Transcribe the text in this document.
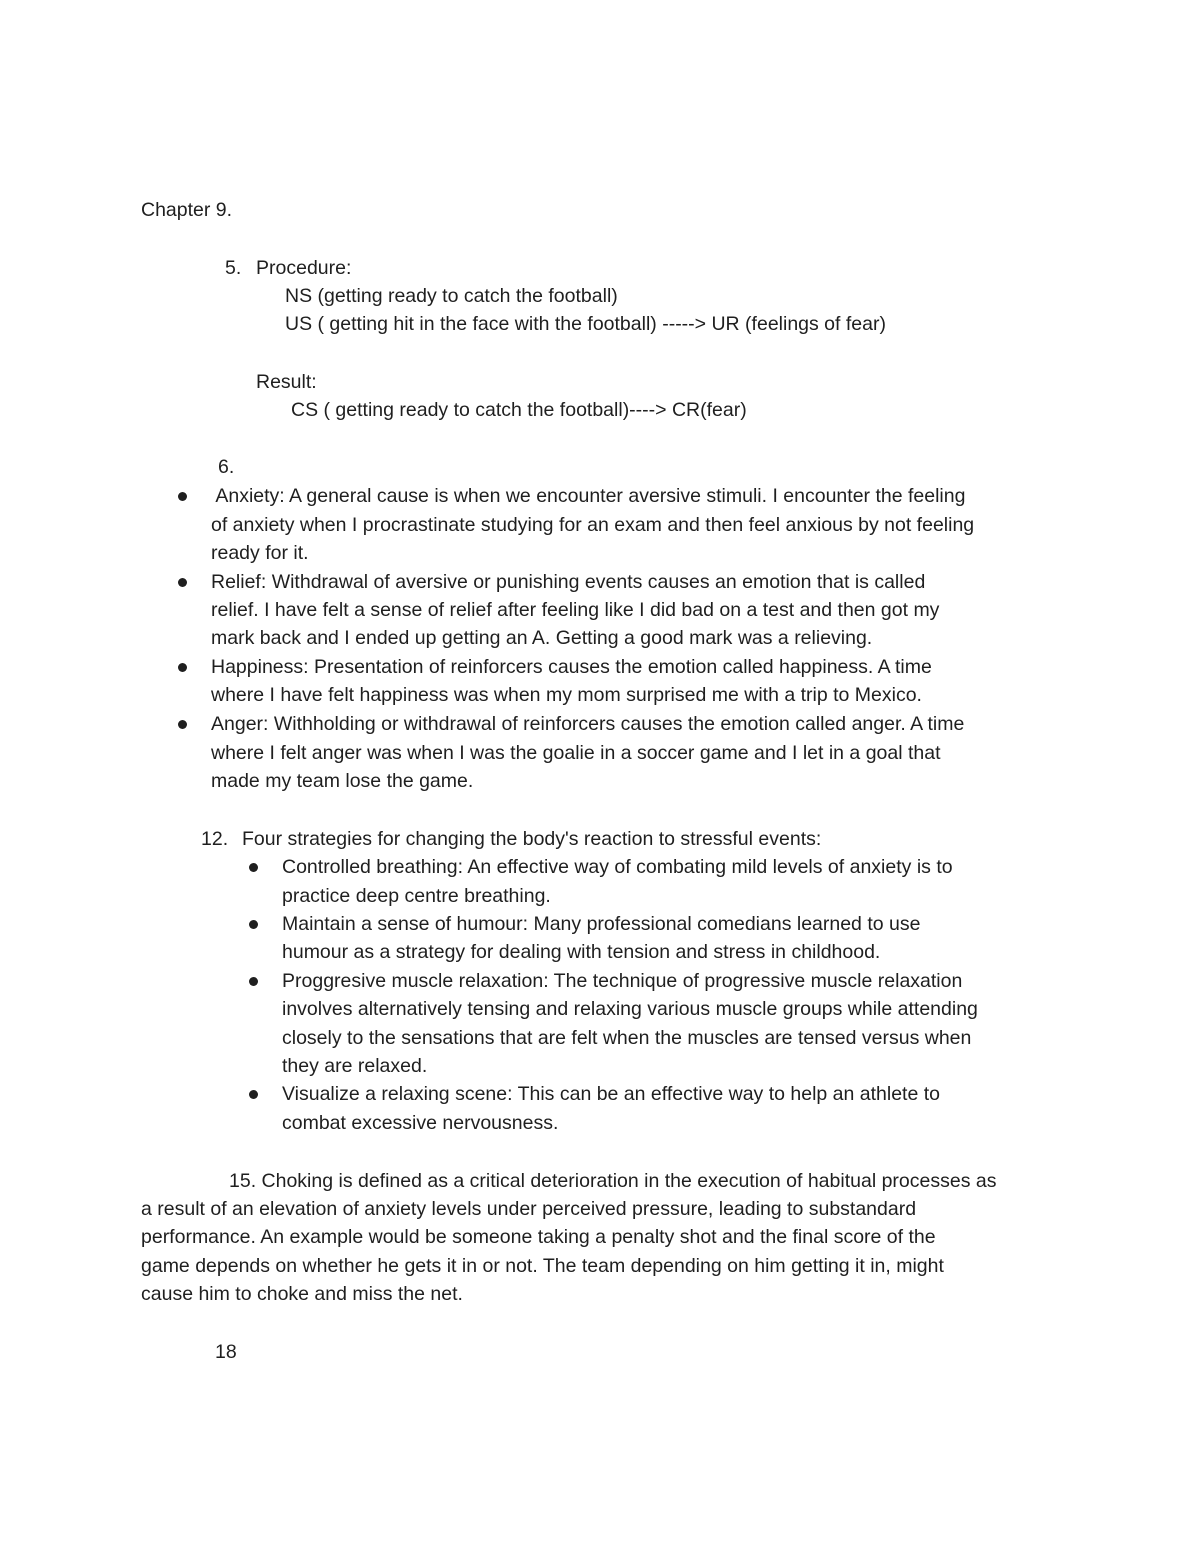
Chapter 9.

5. Procedure:

NS (getting ready to catch the football)

US ( getting hit in the face with the football) -----> UR (feelings of fear)

Result:

CS ( getting ready to catch the football)----> CR(fear)

6.

Anxiety: A general cause is when we encounter aversive stimuli. I encounter the feeling

of anxiety when I procrastinate studying for an exam and then feel anxious by not feeling

ready for it.

Relief: Withdrawal of aversive or punishing events causes an emotion that is called

relief. I have felt a sense of relief after feeling like I did bad on a test and then got my

mark back and I ended up getting an A. Getting a good mark was a relieving.

Happiness: Presentation of reinforcers causes the emotion called happiness. A time

where I have felt happiness was when my mom surprised me with a trip to Mexico.

Anger: Withholding or withdrawal of reinforcers causes the emotion called anger. A time

where I felt anger was when I was the goalie in a soccer game and I let in a goal that

made my team lose the game.

12. Four strategies for changing the body's reaction to stressful events:

Controlled breathing: An effective way of combating mild levels of anxiety is to

practice deep centre breathing.

Maintain a sense of humour: Many professional comedians learned to use

humour as a strategy for dealing with tension and stress in childhood.

Proggresive muscle relaxation: The technique of progressive muscle relaxation

involves alternatively tensing and relaxing various muscle groups while attending

closely to the sensations that are felt when the muscles are tensed versus when

they are relaxed.

Visualize a relaxing scene: This can be an effective way to help an athlete to

combat excessive nervousness.

15. Choking is defined as a critical deterioration in the execution of habitual processes as

a result of an elevation of anxiety levels under perceived pressure, leading to substandard

performance. An example would be someone taking a penalty shot and the final score of the

game depends on whether he gets it in or not. The team depending on him getting it in, might

cause him to choke and miss the net.

18
